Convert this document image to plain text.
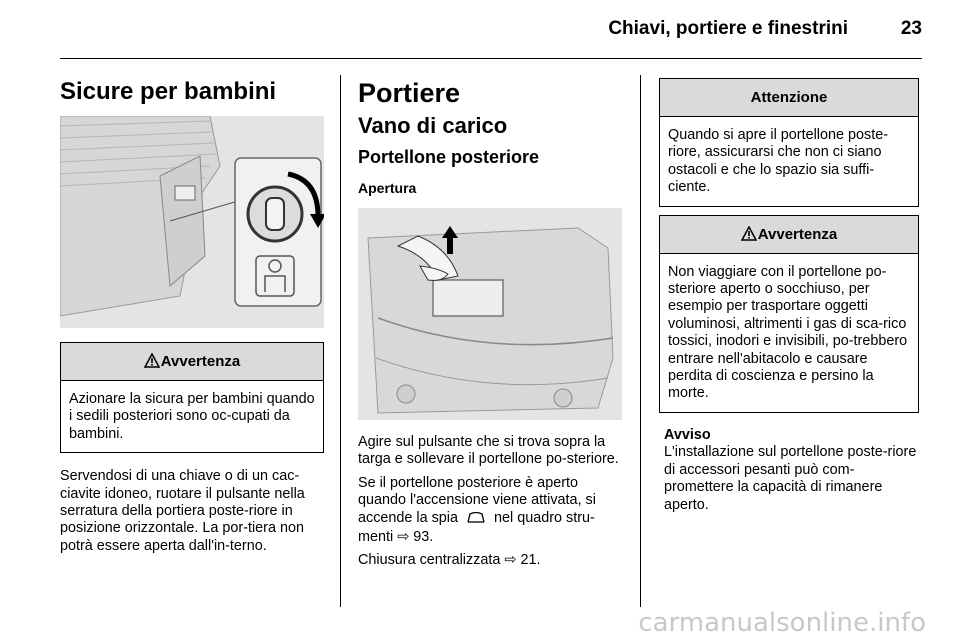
Chiavi, portiere e finestrini	23
Sicure per bambini
Avvertenza

Azionare la sicura per bambini quando i sedili posteriori sono oc-cupati da bambini.

Servendosi di una chiave o di un cac-ciavite idoneo, ruotare il pulsante nella serratura della portiera poste-riore in posizione orizzontale. La por-tiera non potrà essere aperta dall'in-terno.

Portiere
Vano di carico
Portellone posteriore
Apertura

Agire sul pulsante che si trova sopra la targa e sollevare il portellone po-steriore.

Se il portellone posteriore è aperto quando l'accensione viene attivata, si accende la spia	nel quadro stru-menti ⇨ 93.

Chiusura centralizzata ⇨ 21.

Attenzione

Quando si apre il portellone poste-riore, assicurarsi che non ci siano ostacoli e che lo spazio sia suffi-ciente.

Avvertenza

Non viaggiare con il portellone po-steriore aperto o socchiuso, per esempio per trasportare oggetti voluminosi, altrimenti i gas di sca-rico tossici, inodori e invisibili, po-trebbero entrare nell'abitacolo e causare perdita di coscienza e persino la morte.

Avviso

L'installazione sul portellone poste-riore di accessori pesanti può com-promettere la capacità di rimanere aperto.

carmanualsonline.info
